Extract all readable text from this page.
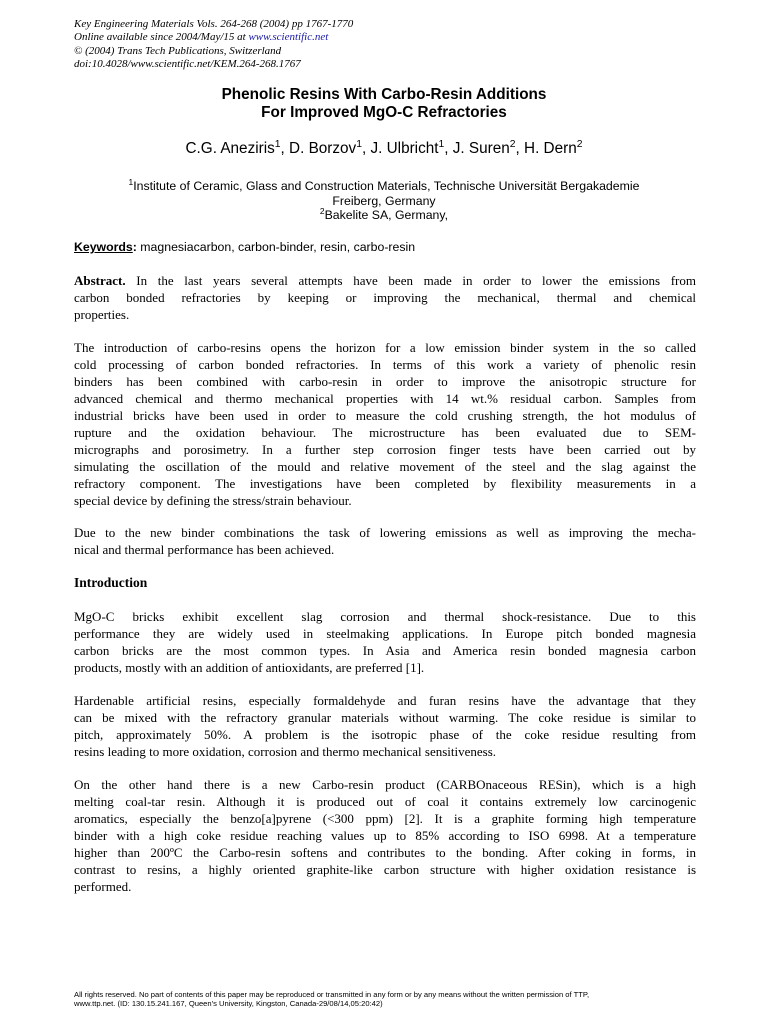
Key Engineering Materials Vols. 264-268 (2004) pp 1767-1770
Online available since 2004/May/15 at www.scientific.net
© (2004) Trans Tech Publications, Switzerland
doi:10.4028/www.scientific.net/KEM.264-268.1767
Phenolic Resins With Carbo-Resin Additions
For Improved MgO-C Refractories
C.G. Aneziris$^1$, D. Borzov$^1$, J. Ulbricht$^1$, J. Suren$^2$, H. Dern$^2$
$^1$Institute of Ceramic, Glass and Construction Materials, Technische Universität Bergakademie
Freiberg, Germany
$^2$Bakelite SA, Germany,
Keywords: magnesiacarbon, carbon-binder, resin, carbo-resin
Abstract. In the last years several attempts have been made in order to lower the emissions from
carbon bonded refractories by keeping or improving the mechanical, thermal and chemical
properties.
The introduction of carbo-resins opens the horizon for a low emission binder system in the so called
cold processing of carbon bonded refractories. In terms of this work a variety of phenolic resin
binders has been combined with carbo-resin in order to improve the anisotropic structure for
advanced chemical and thermo mechanical properties with 14 wt.% residual carbon. Samples from
industrial bricks have been used in order to measure the cold crushing strength, the hot modulus of
rupture and the oxidation behaviour. The microstructure has been evaluated due to SEM-
micrographs and porosimetry. In a further step corrosion finger tests have been carried out by
simulating the oscillation of the mould and relative movement of the steel and the slag against the
refractory component. The investigations have been completed by flexibility measurements in a
special device by defining the stress/strain behaviour.
Due to the new binder combinations the task of lowering emissions as well as improving the mecha-
nical and thermal performance has been achieved.
Introduction
MgO-C bricks exhibit excellent slag corrosion and thermal shock-resistance. Due to this
performance they are widely used in steelmaking applications. In Europe pitch bonded magnesia
carbon bricks are the most common types. In Asia and America resin bonded magnesia carbon
products, mostly with an addition of antioxidants, are preferred [1].
Hardenable artificial resins, especially formaldehyde and furan resins have the advantage that they
can be mixed with the refractory granular materials without warming. The coke residue is similar to
pitch, approximately 50%. A problem is the isotropic phase of the coke residue resulting from
resins leading to more oxidation, corrosion and thermo mechanical sensitiveness.
On the other hand there is a new Carbo-resin product (CARBOnaceous RESin), which is a high
melting coal-tar resin. Although it is produced out of coal it contains extremely low carcinogenic
aromatics, especially the benzo[a]pyrene (<300 ppm) [2]. It is a graphite forming high temperature
binder with a high coke residue reaching values up to 85% according to ISO 6998. At a temperature
higher than 200ºC the Carbo-resin softens and contributes to the bonding. After coking in forms, in
contrast to resins, a highly oriented graphite-like carbon structure with higher oxidation resistance is
performed.
All rights reserved. No part of contents of this paper may be reproduced or transmitted in any form or by any means without the written permission of TTP,
www.ttp.net. (ID: 130.15.241.167, Queen's University, Kingston, Canada-29/08/14,05:20:42)
